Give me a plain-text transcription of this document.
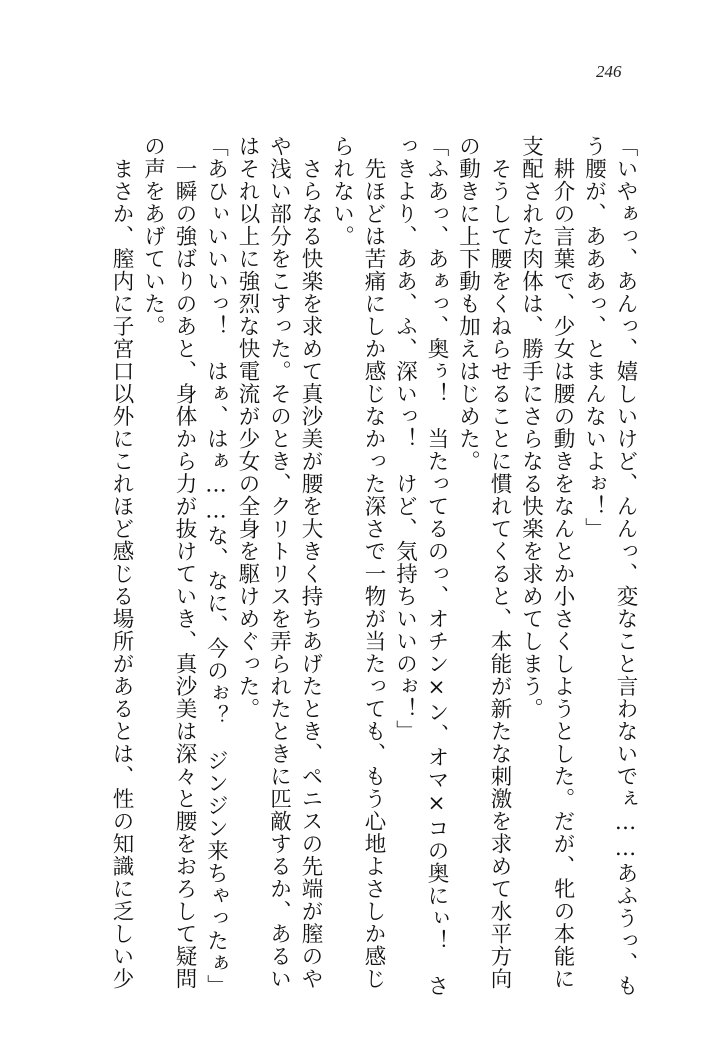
246
「いやぁっ、あんっ、嬉しいけど、んんっ、変なこと言わないでぇ……あふうっ、も
う腰が、あああっ、とまんないよぉ！」
　耕介の言葉で、少女は腰の動きをなんとか小さくしようとした。だが、牝の本能に
支配された肉体は、勝手にさらなる快楽を求めてしまう。
　そうして腰をくねらせることに慣れてくると、本能が新たな刺激を求めて水平方向
の動きに上下動も加えはじめた。
「ふあっ、あぁっ、奥ぅ！　当たってるのっ、オチン×ン、オマ×コの奥にぃ！　さ
っきより、ああ、ふ、深いっ！　けど、気持ちいいのぉ！」
　先ほどは苦痛にしか感じなかった深さで一物が当たっても、もう心地よさしか感じ
られない。
　さらなる快楽を求めて真沙美が腰を大きく持ちあげたとき、ペニスの先端が膣のや
や浅い部分をこすった。そのとき、クリトリスを弄られたときに匹敵するか、あるい
はそれ以上に強烈な快電流が少女の全身を駆けめぐった。
「あひぃいいいっ！　はぁ、はぁ……な、なに、今のぉ？　ジンジン来ちゃったぁ」
　一瞬の強ばりのあと、身体から力が抜けていき、真沙美は深々と腰をおろして疑問
の声をあげていた。
　まさか、膣内に子宮口以外にこれほど感じる場所があるとは、性の知識に乏しい少
